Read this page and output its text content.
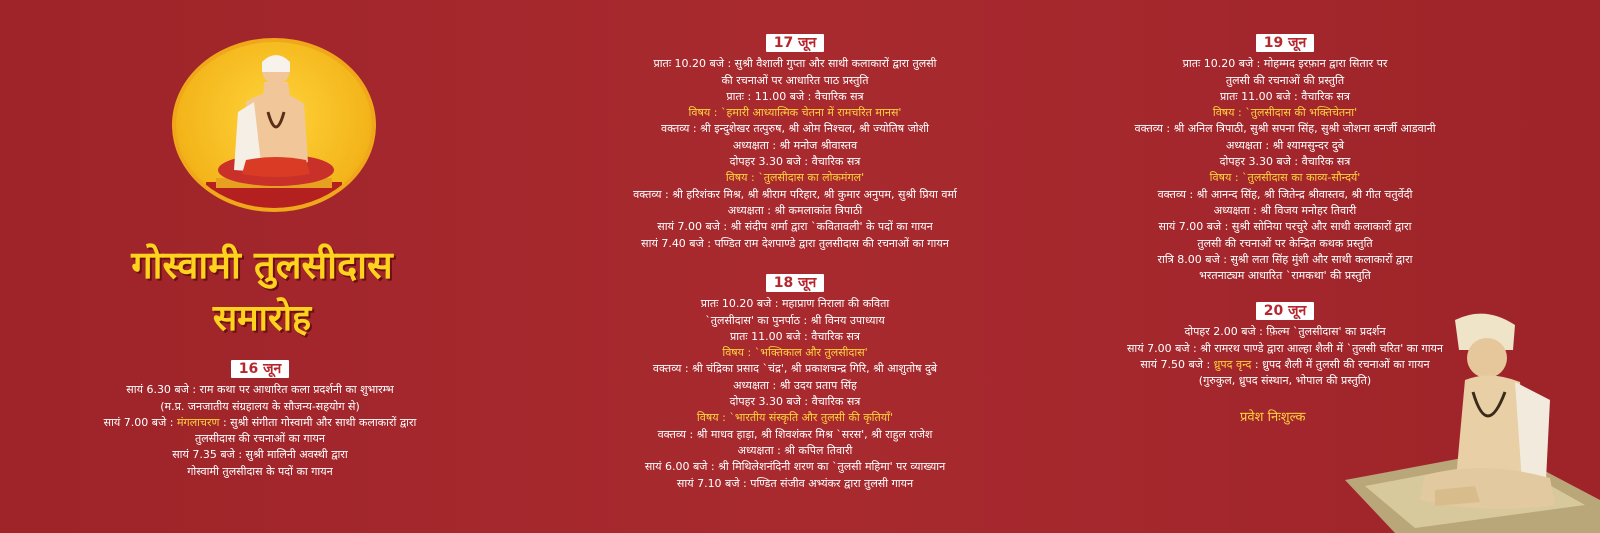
गोस्वामी तुलसीदास
समारोह
16 जून
सायं 6.30 बजे : राम कथा पर आधारित कला प्रदर्शनी का शुभारम्भ
(म.प्र. जनजातीय संग्रहालय के सौजन्य-सहयोग से)
सायं 7.00 बजे : मंगलाचरण : सुश्री संगीता गोस्वामी और साथी कलाकारों द्वारा
तुलसीदास की रचनाओं का गायन
सायं 7.35 बजे : सुश्री मालिनी अवस्थी द्वारा
गोस्वामी तुलसीदास के पदों का गायन
17 जून
प्रातः 10.20 बजे : सुश्री वैशाली गुप्ता और साथी कलाकारों द्वारा तुलसी
की रचनाओं पर आधारित पाठ प्रस्तुति
प्रातः : 11.00 बजे : वैचारिक सत्र
विषय : `हमारी आध्यात्मिक चेतना में रामचरित मानस'
वक्तव्य : श्री इन्दुशेखर तत्पुरुष, श्री ओम निश्चल, श्री ज्योतिष जोशी
अध्यक्षता : श्री मनोज श्रीवास्तव
दोपहर 3.30 बजे : वैचारिक सत्र
विषय : `तुलसीदास का लोकमंगल'
वक्तव्य : श्री हरिशंकर मिश्र, श्री श्रीराम परिहार, श्री कुमार अनुपम, सुश्री प्रिया वर्मा
अध्यक्षता : श्री कमलाकांत त्रिपाठी
सायं 7.00 बजे : श्री संदीप शर्मा द्वारा `कवितावली' के पदों का गायन
सायं 7.40 बजे : पण्डित राम देशपाण्डे द्वारा तुलसीदास की रचनाओं का गायन
18 जून
प्रातः 10.20 बजे : महाप्राण निराला की कविता
`तुलसीदास' का पुनर्पाठ : श्री विनय उपाध्याय
प्रातः 11.00 बजे : वैचारिक सत्र
विषय : `भक्तिकाल और तुलसीदास'
वक्तव्य : श्री चंद्रिका प्रसाद `चंद्र', श्री प्रकाशचन्द्र गिरि, श्री आशुतोष दुबे
अध्यक्षता : श्री उदय प्रताप सिंह
दोपहर 3.30 बजे : वैचारिक सत्र
विषय : `भारतीय संस्कृति और तुलसी की कृतियाँ'
वक्तव्य : श्री माधव हाड़ा, श्री शिवशंकर मिश्र `सरस', श्री राहुल राजेश
अध्यक्षता : श्री कपिल तिवारी
सायं 6.00 बजे : श्री मिथिलेशनंदिनी शरण का `तुलसी महिमा' पर व्याख्यान
सायं 7.10 बजे : पण्डित संजीव अभ्यंकर द्वारा तुलसी गायन
19 जून
प्रातः 10.20 बजे : मोहम्मद इरफ़ान द्वारा सितार पर
तुलसी की रचनाओं की प्रस्तुति
प्रातः 11.00 बजे : वैचारिक सत्र
विषय : `तुलसीदास की भक्तिचेतना'
वक्तव्य : श्री अनिल त्रिपाठी, सुश्री सपना सिंह, सुश्री जोशना बनर्जी आडवानी
अध्यक्षता : श्री श्यामसुन्दर दुबे
दोपहर 3.30 बजे : वैचारिक सत्र
विषय : `तुलसीदास का काव्य-सौन्दर्य'
वक्तव्य : श्री आनन्द सिंह, श्री जितेन्द्र श्रीवास्तव, श्री गीत चतुर्वेदी
अध्यक्षता : श्री विजय मनोहर तिवारी
सायं 7.00 बजे : सुश्री सोनिया परचुरे और साथी कलाकारों द्वारा
तुलसी की रचनाओं पर केन्द्रित कथक प्रस्तुति
रात्रि 8.00 बजे : सुश्री लता सिंह मुंशी और साथी कलाकारों द्वारा
भरतनाट्यम आधारित `रामकथा' की प्रस्तुति
20 जून
दोपहर 2.00 बजे : फ़िल्म `तुलसीदास' का प्रदर्शन
सायं 7.00 बजे : श्री रामरथ पाण्डे द्वारा आल्हा शैली में `तुलसी चरित' का गायन
सायं 7.50 बजे : ध्रुपद वृन्द : ध्रुपद शैली में तुलसी की रचनाओं का गायन
(गुरुकुल, ध्रुपद संस्थान, भोपाल की प्रस्तुति)
प्रवेश निःशुल्क
